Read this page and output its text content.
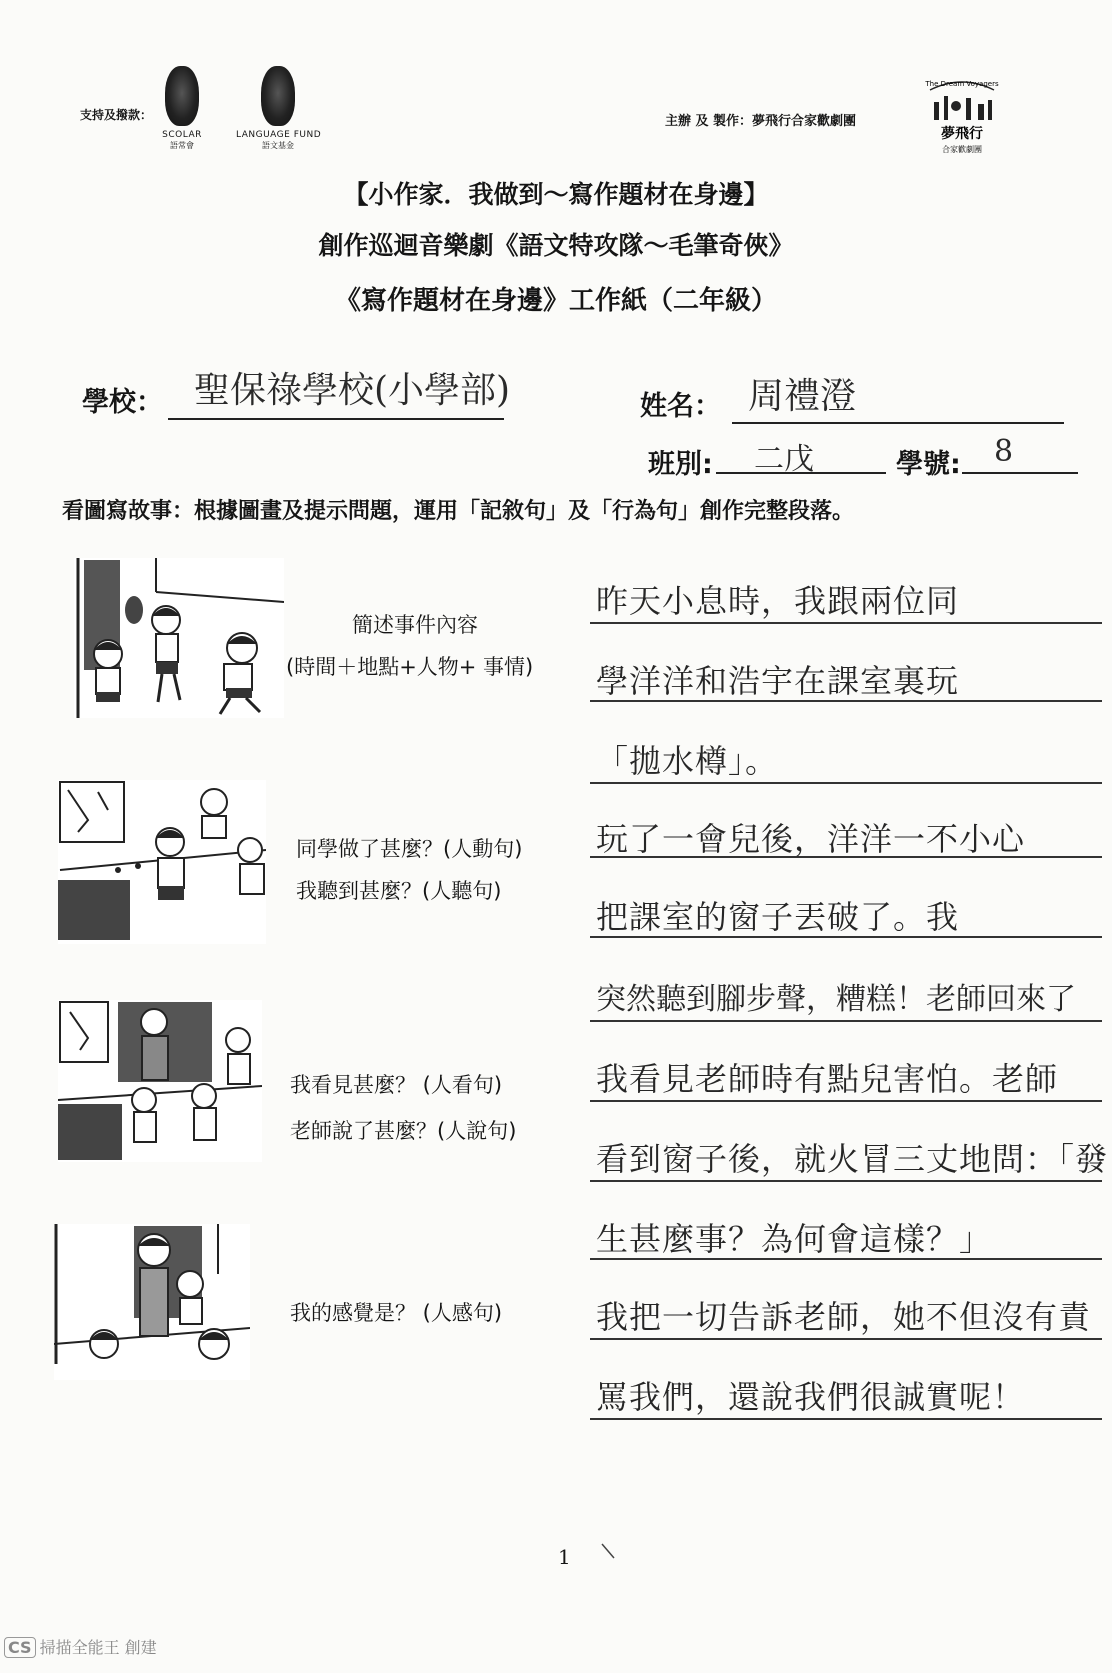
支持及撥款：
SCOLAR
語常會
LANGUAGE FUND
語文基金
主辦 及 製作：夢飛行合家歡劇團
The Dream Voyagers
夢飛行
合家歡劇團
【小作家．我做到～寫作題材在身邊】
創作巡迴音樂劇《語文特攻隊～毛筆奇俠》
《寫作題材在身邊》工作紙（二年級）
學校： 聖保祿學校(小學部)	姓名： 周禮澄
班別: 二戊	學號: 8
看圖寫故事：根據圖畫及提示問題，運用「記敘句」及「行為句」創作完整段落。
簡述事件內容
(時間＋地點+人物+ 事情)
同學做了甚麼？(人動句)
我聽到甚麼？(人聽句)
我看見甚麼？ (人看句)
老師說了甚麼？(人說句)
我的感覺是？ (人感句)
昨天小息時，我跟兩位同
學洋洋和浩宇在課室裏玩
「拋水樽」。
玩了一會兒後，洋洋一不小心
把課室的窗子丟破了。我
突然聽到腳步聲，糟糕！老師回來了
我看見老師時有點兒害怕。老師
看到窗子後，就火冒三丈地問：「發
生甚麼事？為何會這樣？」
我把一切告訴老師，她不但沒有責
罵我們，還說我們很誠實呢！
1
CS 掃描全能王 創建
